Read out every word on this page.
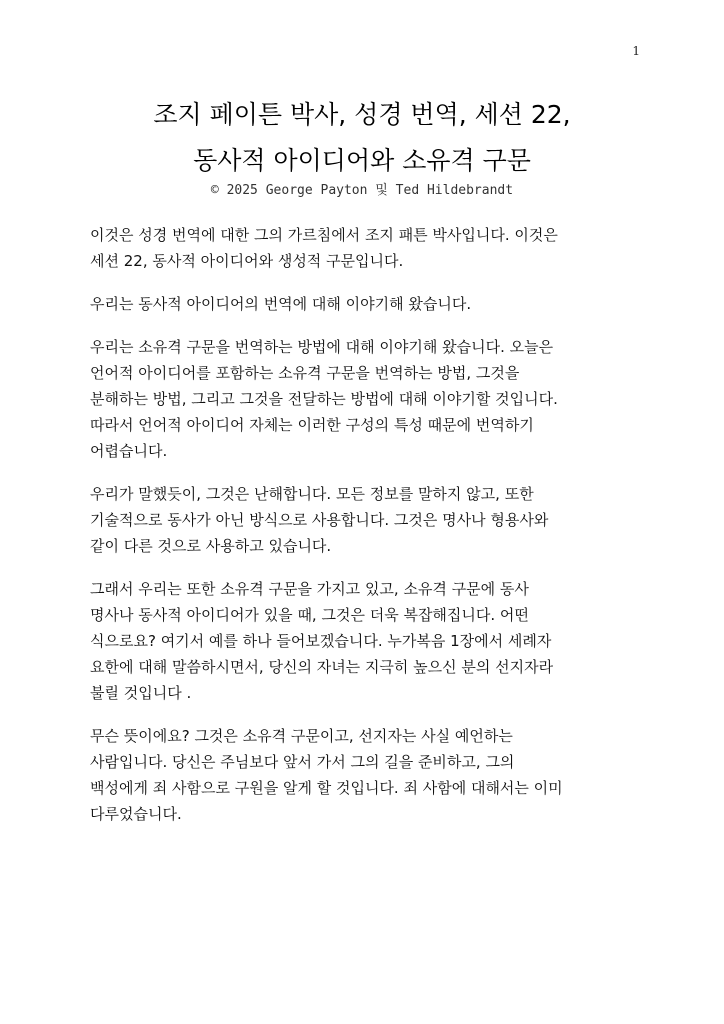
1
조지 페이튼 박사, 성경 번역, 세션 22,
동사적 아이디어와 소유격 구문
© 2025 George Payton 및 Ted Hildebrandt

이것은 성경 번역에 대한 그의 가르침에서 조지 패튼 박사입니다. 이것은
세션 22, 동사적 아이디어와 생성적 구문입니다.

우리는 동사적 아이디어의 번역에 대해 이야기해 왔습니다.

우리는 소유격 구문을 번역하는 방법에 대해 이야기해 왔습니다. 오늘은
언어적 아이디어를 포함하는 소유격 구문을 번역하는 방법, 그것을
분해하는 방법, 그리고 그것을 전달하는 방법에 대해 이야기할 것입니다.
따라서 언어적 아이디어 자체는 이러한 구성의 특성 때문에 번역하기
어렵습니다.

우리가 말했듯이, 그것은 난해합니다. 모든 정보를 말하지 않고, 또한
기술적으로 동사가 아닌 방식으로 사용합니다. 그것은 명사나 형용사와
같이 다른 것으로 사용하고 있습니다.

그래서 우리는 또한 소유격 구문을 가지고 있고, 소유격 구문에 동사
명사나 동사적 아이디어가 있을 때, 그것은 더욱 복잡해집니다. 어떤
식으로요? 여기서 예를 하나 들어보겠습니다. 누가복음 1장에서 세례자
요한에 대해 말씀하시면서, 당신의 자녀는 지극히 높으신 분의 선지자라
불릴 것입니다 .

무슨 뜻이에요? 그것은 소유격 구문이고, 선지자는 사실 예언하는
사람입니다. 당신은 주님보다 앞서 가서 그의 길을 준비하고, 그의
백성에게 죄 사함으로 구원을 알게 할 것입니다. 죄 사함에 대해서는 이미
다루었습니다.
